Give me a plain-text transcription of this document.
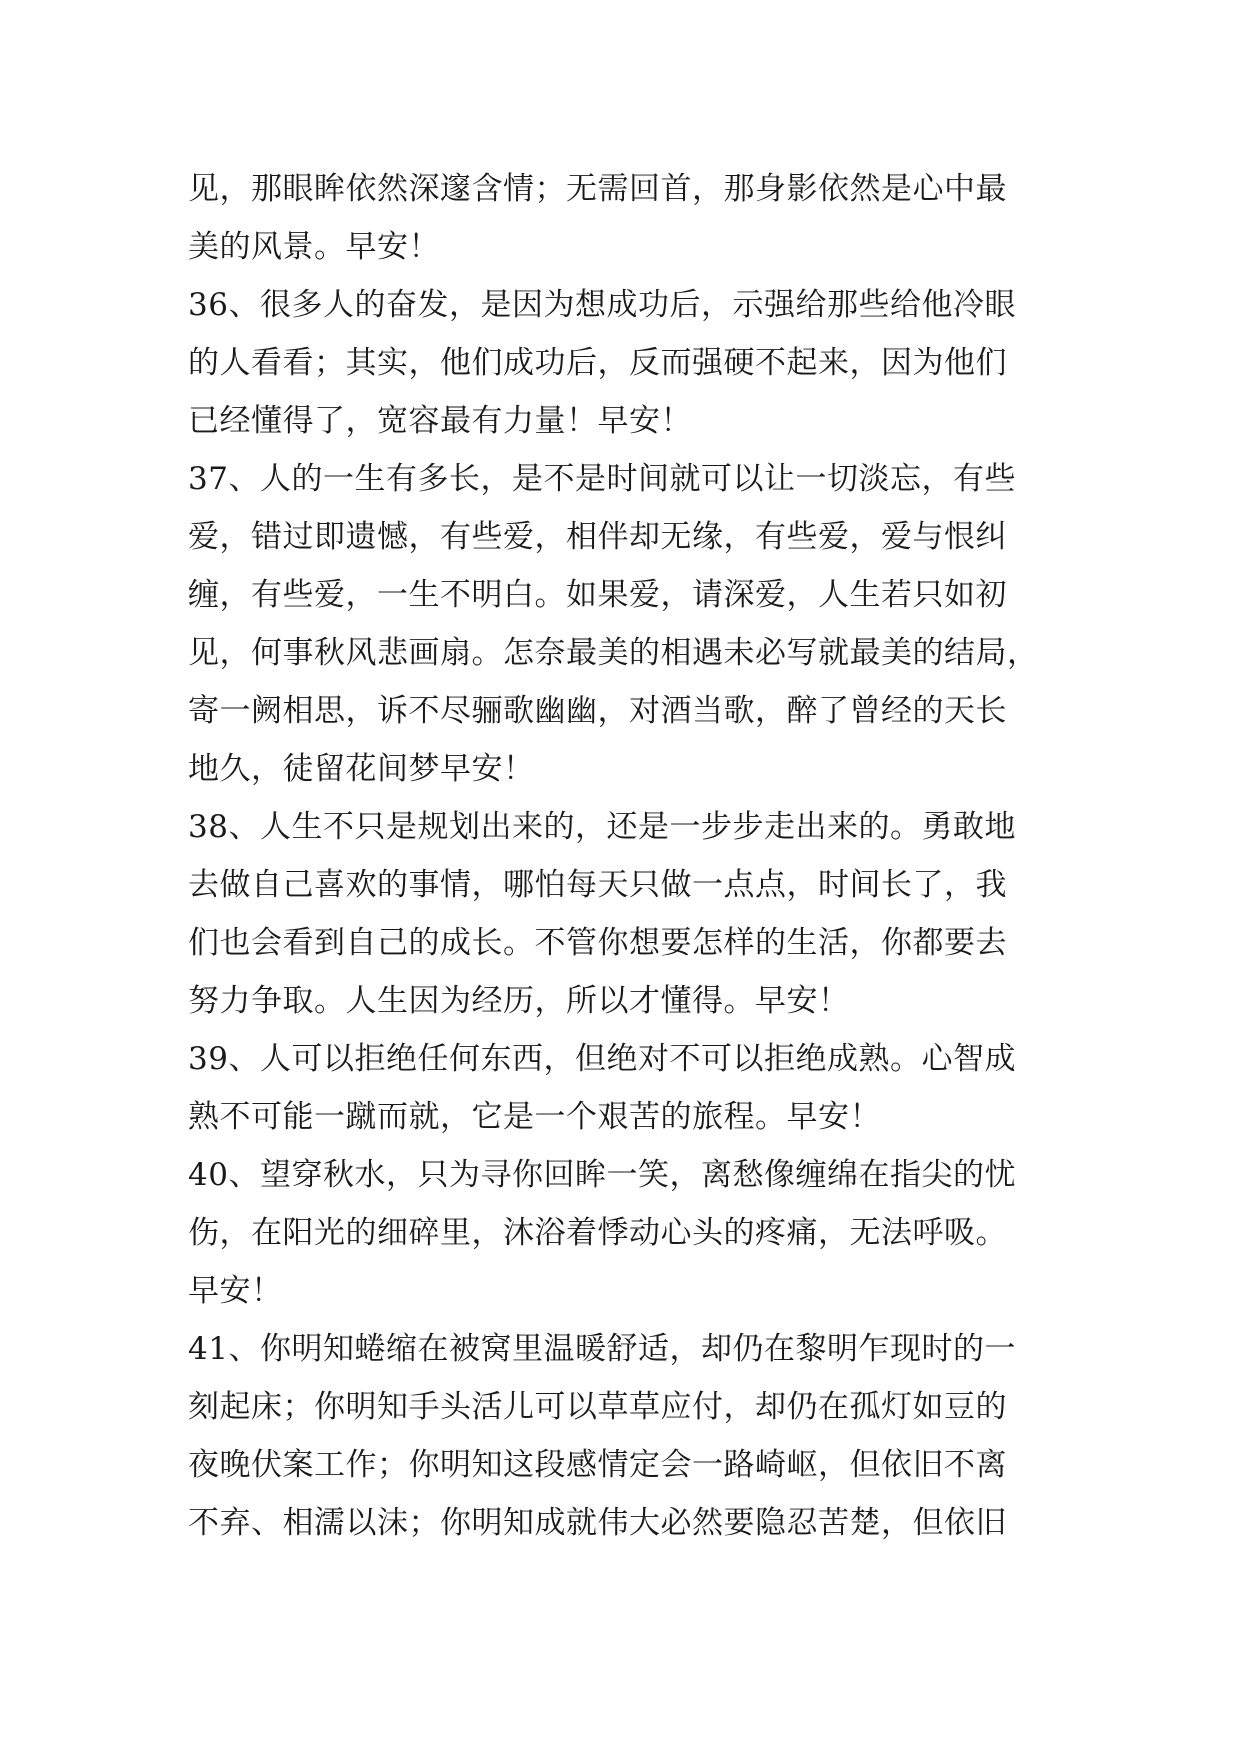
见，那眼眸依然深邃含情；无需回首，那身影依然是心中最
美的风景。早安！
36、很多人的奋发，是因为想成功后，示强给那些给他冷眼
的人看看；其实，他们成功后，反而强硬不起来，因为他们
已经懂得了，宽容最有力量！早安！
37、人的一生有多长，是不是时间就可以让一切淡忘，有些
爱，错过即遗憾，有些爱，相伴却无缘，有些爱，爱与恨纠
缠，有些爱，一生不明白。如果爱，请深爱，人生若只如初
见，何事秋风悲画扇。怎奈最美的相遇未必写就最美的结局，
寄一阙相思，诉不尽骊歌幽幽，对酒当歌，醉了曾经的天长
地久，徒留花间梦早安！
38、人生不只是规划出来的，还是一步步走出来的。勇敢地
去做自己喜欢的事情，哪怕每天只做一点点，时间长了，我
们也会看到自己的成长。不管你想要怎样的生活，你都要去
努力争取。人生因为经历，所以才懂得。早安！
39、人可以拒绝任何东西，但绝对不可以拒绝成熟。心智成
熟不可能一蹴而就，它是一个艰苦的旅程。早安！
40、望穿秋水，只为寻你回眸一笑，离愁像缠绵在指尖的忧
伤，在阳光的细碎里，沐浴着悸动心头的疼痛，无法呼吸。
早安！
41、你明知蜷缩在被窝里温暖舒适，却仍在黎明乍现时的一
刻起床；你明知手头活儿可以草草应付，却仍在孤灯如豆的
夜晚伏案工作；你明知这段感情定会一路崎岖，但依旧不离
不弃、相濡以沫；你明知成就伟大必然要隐忍苦楚，但依旧
